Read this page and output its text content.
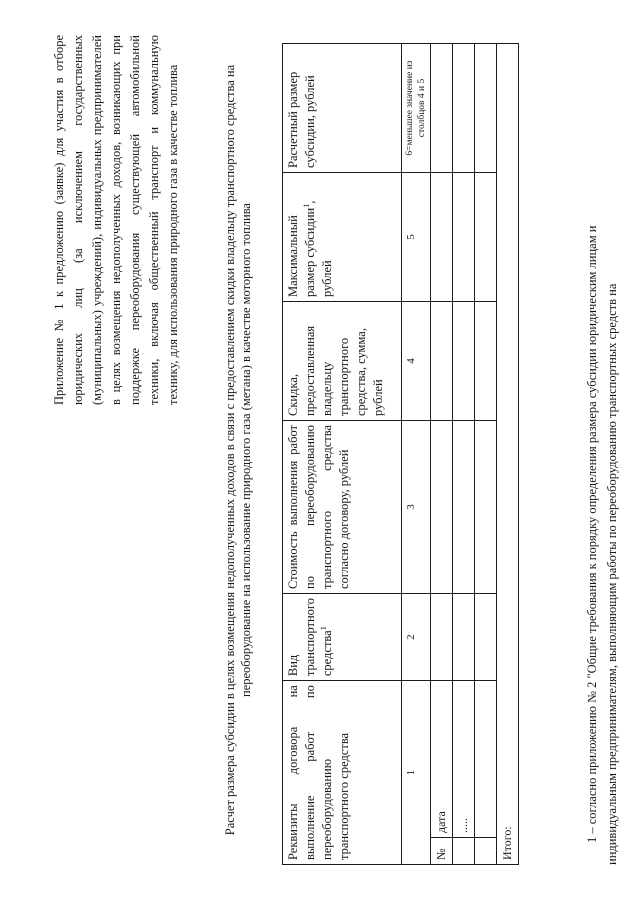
Приложение № 1 к предложению (заявке) для участия в отборе юридических лиц (за исключением государственных (муниципальных) учреждений), индивидуальных предпринимателей в целях возмещения недополученных доходов, возникающих при поддержке переоборудования существующей автомобильной техники, включая общественный транспорт и коммунальную технику, для использования природного газа в качестве топлива	Расчет размера субсидии в целях возмещения недополученных доходов в связи с предоставлением скидки владельцу транспортного средства на переоборудование на использование природного газа (метана) в качестве моторного топлива
Реквизиты договора на выполнение работ по переоборудованию транспортного средства		Вид транспортного средства$^1$	Стоимость выполнения работ по переоборудованию транспортного средства согласно договору, рублей	Скидка, предоставленная владельцу транспортного средства, сумма, рублей	Максимальный размер субсидии$^1$, рублей	Расчетный размер субсидии, рублей
1		2	3	4	5	6=меньшее значение из столбцов 4 и 5
№	дата					
	.....					

Итого:						
1 – согласно приложению № 2 "Общие требования к порядку определения размера субсидии юридическим лицам и индивидуальным предпринимателям, выполняющим работы по переоборудованию транспортных средств на
